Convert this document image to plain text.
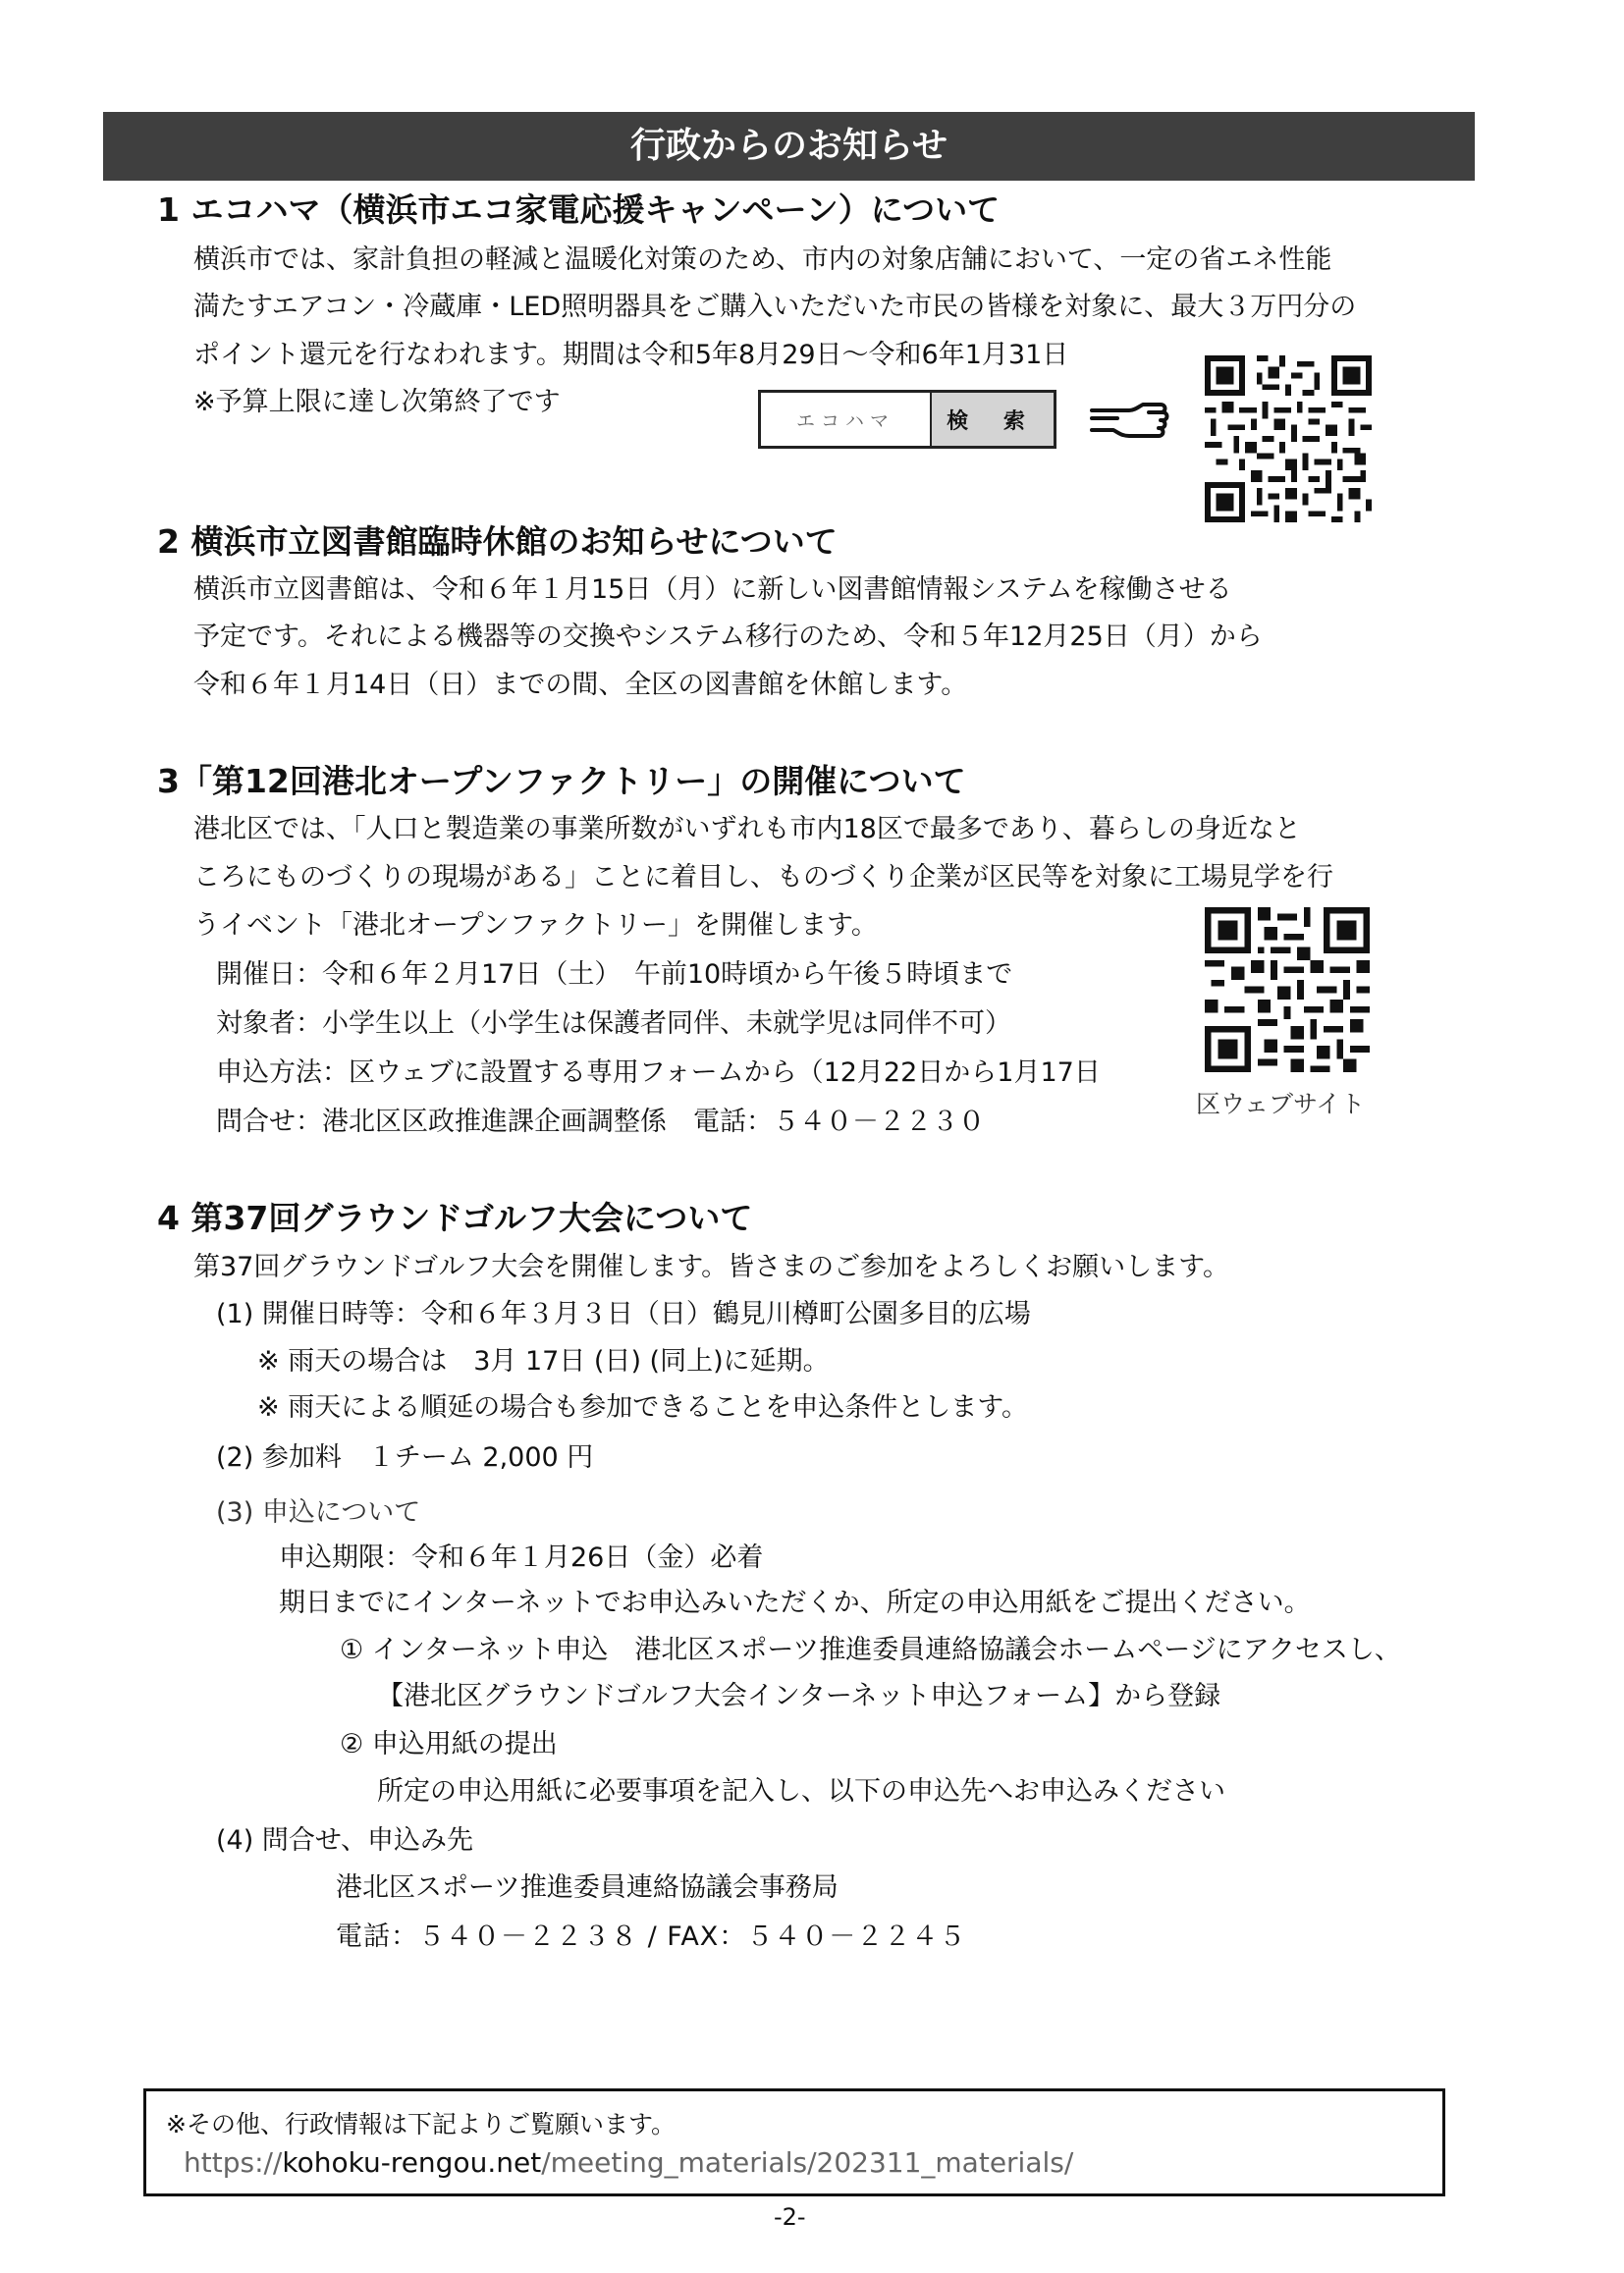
行政からのお知らせ
1 エコハマ（横浜市エコ家電応援キャンペーン）について
横浜市では、家計負担の軽減と温暖化対策のため、市内の対象店舗において、一定の省エネ性能
満たすエアコン・冷蔵庫・LED照明器具をご購入いただいた市民の皆様を対象に、最大３万円分の
ポイント還元を行なわれます。期間は令和5年8月29日～令和6年1月31日
※予算上限に達し次第終了です
エコハマ	検 索
2 横浜市立図書館臨時休館のお知らせについて
横浜市立図書館は、令和６年１月15日（月）に新しい図書館情報システムを稼働させる
予定です。それによる機器等の交換やシステム移行のため、令和５年12月25日（月）から
令和６年１月14日（日）までの間、全区の図書館を休館します。
3「第12回港北オープンファクトリー」の開催について
港北区では、「人口と製造業の事業所数がいずれも市内18区で最多であり、暮らしの身近なと
ころにものづくりの現場がある」ことに着目し、ものづくり企業が区民等を対象に工場見学を行
うイベント「港北オープンファクトリー」を開催します。
開催日：令和６年２月17日（土）　午前10時頃から午後５時頃まで
対象者：小学生以上（小学生は保護者同伴、未就学児は同伴不可）
申込方法：区ウェブに設置する専用フォームから（12月22日から1月17日
問合せ：港北区区政推進課企画調整係　電話：５４０－２２３０
区ウェブサイト
4 第37回グラウンドゴルフ大会について
第37回グラウンドゴルフ大会を開催します。皆さまのご参加をよろしくお願いします。
(1) 開催日時等：令和６年３月３日（日）鶴見川樽町公園多目的広場
※ 雨天の場合は　3月 17日 (日) (同上)に延期。
※ 雨天による順延の場合も参加できることを申込条件とします。
(2) 参加料　１チーム 2,000 円
(3) 申込について
申込期限：令和６年１月26日（金）必着
期日までにインターネットでお申込みいただくか、所定の申込用紙をご提出ください。
① インターネット申込　港北区スポーツ推進委員連絡協議会ホームページにアクセスし、
【港北区グラウンドゴルフ大会インターネット申込フォーム】から登録
② 申込用紙の提出
所定の申込用紙に必要事項を記入し、以下の申込先へお申込みください
(4) 問合せ、申込み先
港北区スポーツ推進委員連絡協議会事務局
電話：５４０－２２３８ / FAX：５４０－２２４５
※その他、行政情報は下記よりご覧願います。
https://kohoku-rengou.net/meeting_materials/202311_materials/
-2-
